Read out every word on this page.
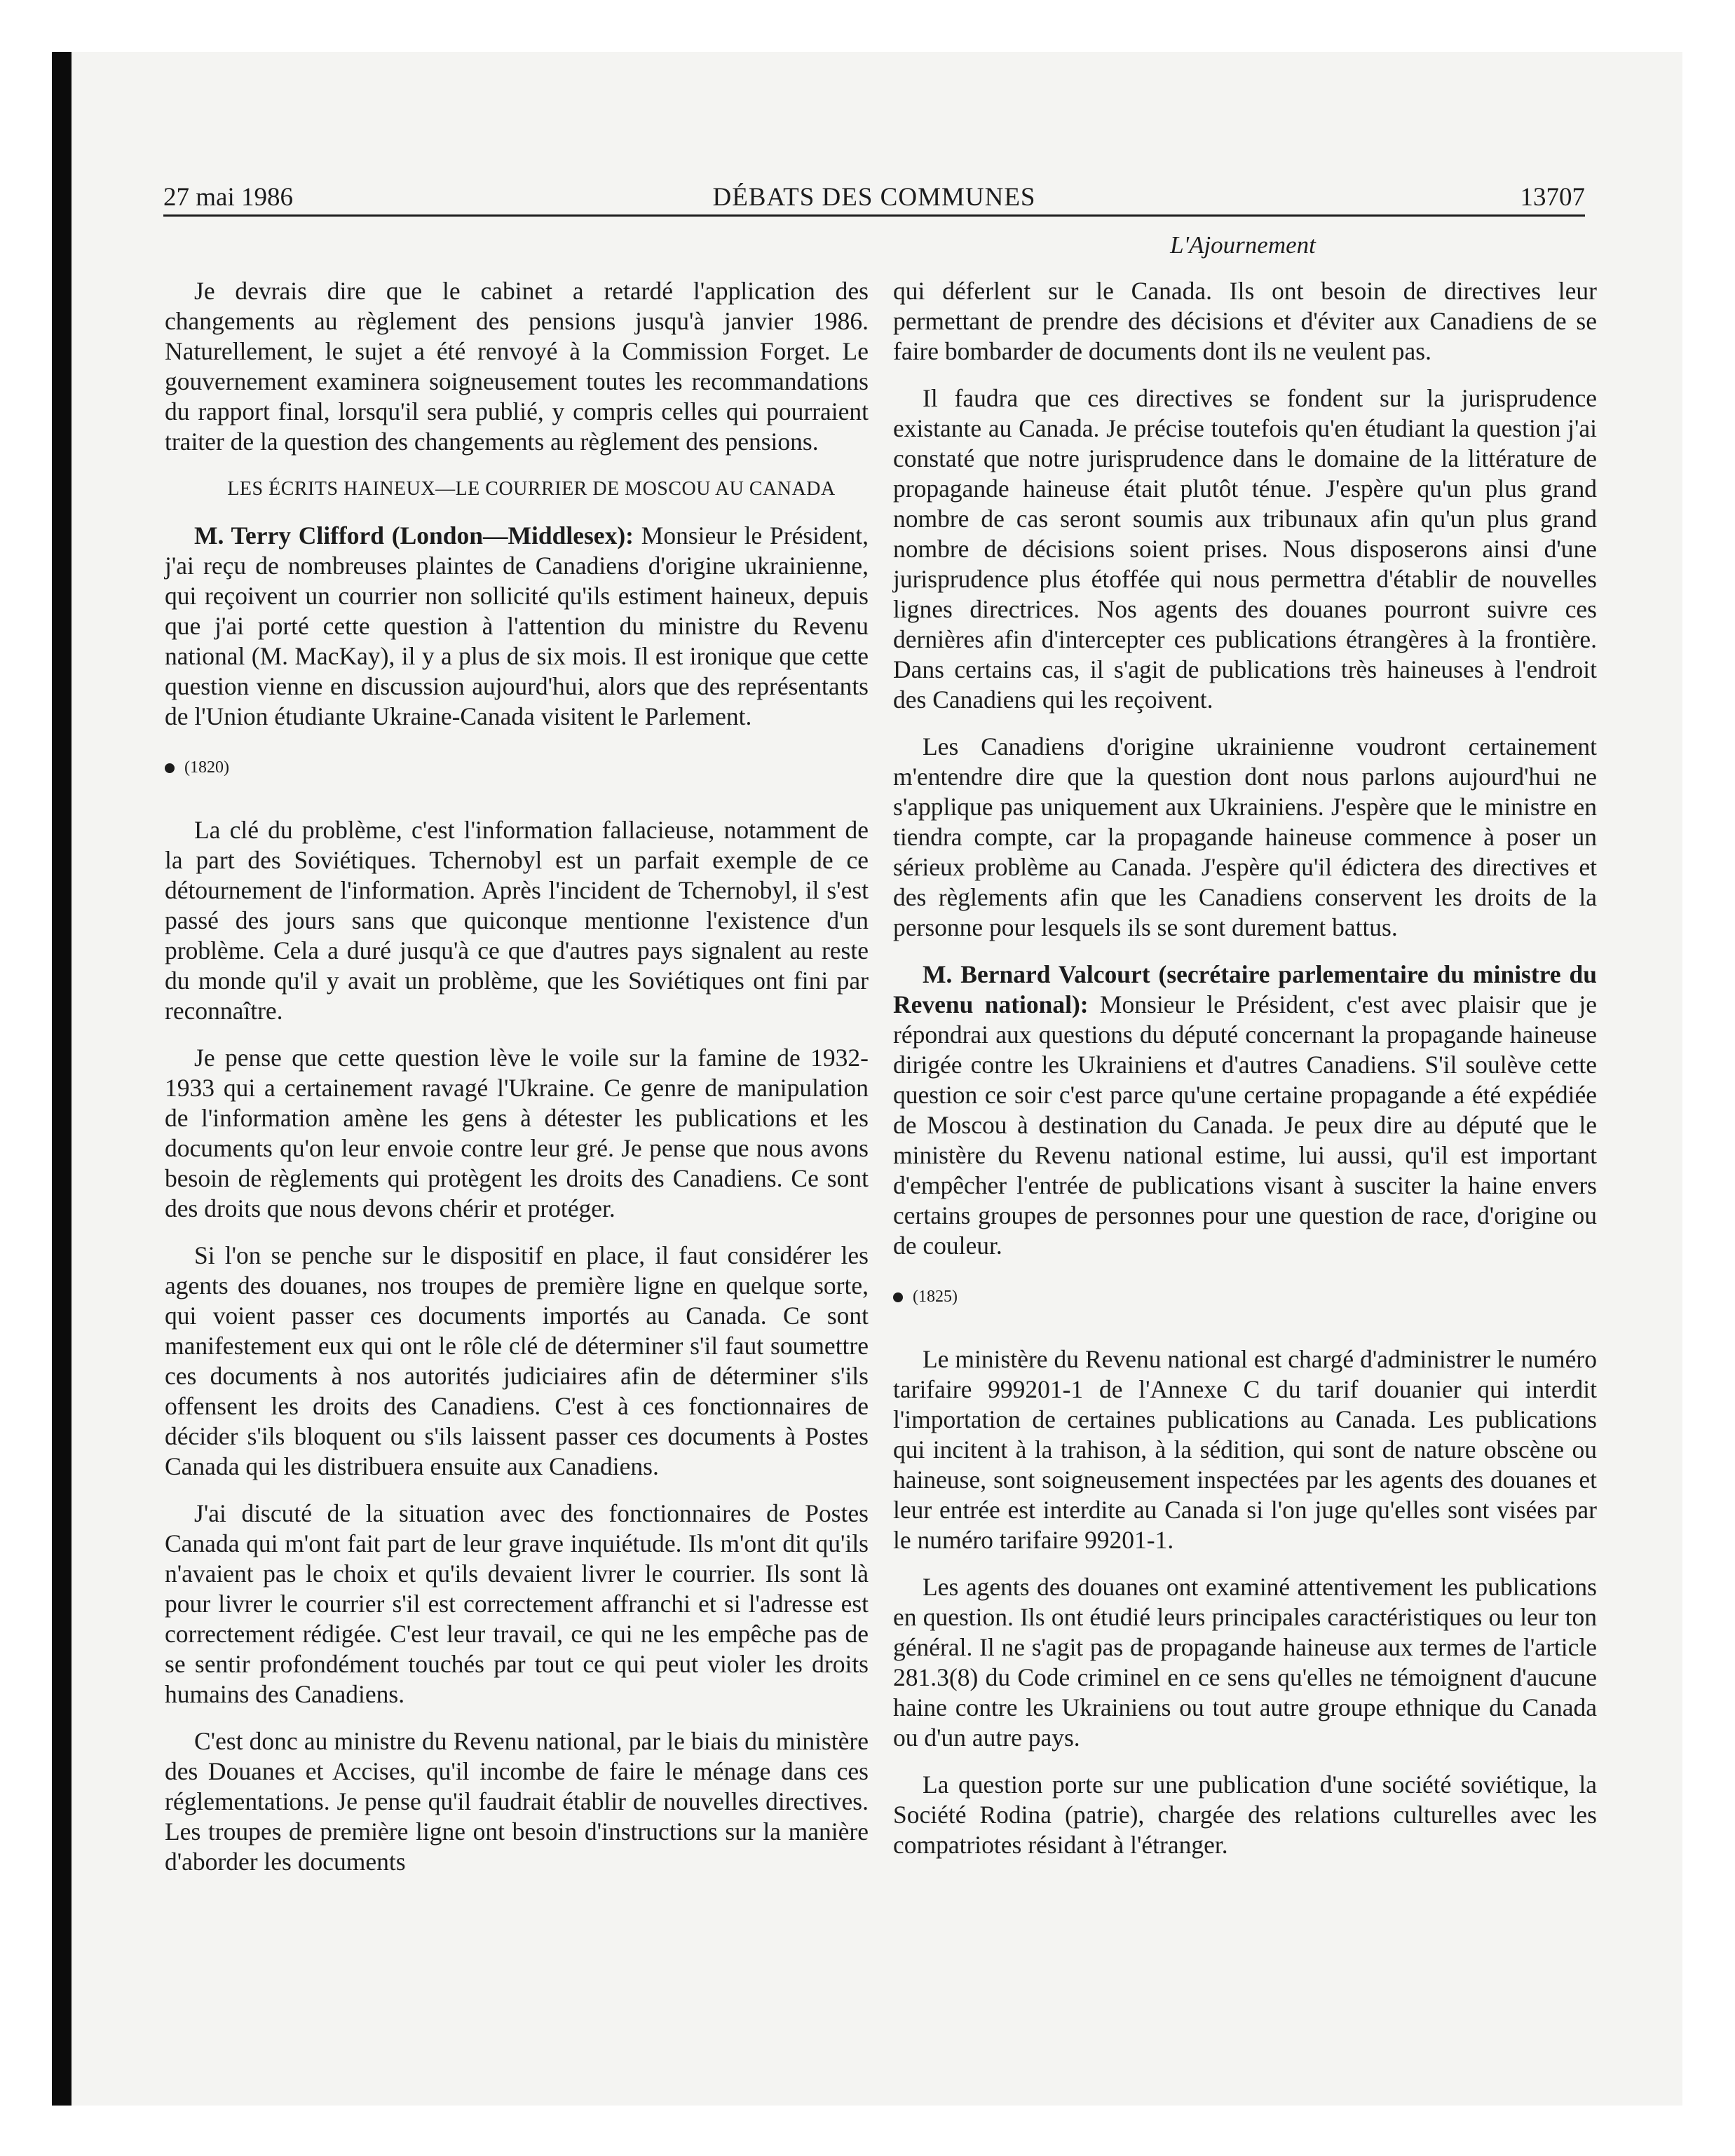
27 mai 1986	DÉBATS DES COMMUNES	13707
L'Ajournement

Je devrais dire que le cabinet a retardé l'application des changements au règlement des pensions jusqu'à janvier 1986. Naturellement, le sujet a été renvoyé à la Commission Forget. Le gouvernement examinera soigneusement toutes les recommandations du rapport final, lorsqu'il sera publié, y compris celles qui pourraient traiter de la question des changements au règlement des pensions.

LES ÉCRITS HAINEUX—LE COURRIER DE MOSCOU AU CANADA

M. Terry Clifford (London—Middlesex): Monsieur le Président, j'ai reçu de nombreuses plaintes de Canadiens d'origine ukrainienne, qui reçoivent un courrier non sollicité qu'ils estiment haineux, depuis que j'ai porté cette question à l'attention du ministre du Revenu national (M. MacKay), il y a plus de six mois. Il est ironique que cette question vienne en discussion aujourd'hui, alors que des représentants de l'Union étudiante Ukraine-Canada visitent le Parlement.

(1820)

La clé du problème, c'est l'information fallacieuse, notamment de la part des Soviétiques. Tchernobyl est un parfait exemple de ce détournement de l'information. Après l'incident de Tchernobyl, il s'est passé des jours sans que quiconque mentionne l'existence d'un problème. Cela a duré jusqu'à ce que d'autres pays signalent au reste du monde qu'il y avait un problème, que les Soviétiques ont fini par reconnaître.

Je pense que cette question lève le voile sur la famine de 1932-1933 qui a certainement ravagé l'Ukraine. Ce genre de manipulation de l'information amène les gens à détester les publications et les documents qu'on leur envoie contre leur gré. Je pense que nous avons besoin de règlements qui protègent les droits des Canadiens. Ce sont des droits que nous devons chérir et protéger.

Si l'on se penche sur le dispositif en place, il faut considérer les agents des douanes, nos troupes de première ligne en quelque sorte, qui voient passer ces documents importés au Canada. Ce sont manifestement eux qui ont le rôle clé de déterminer s'il faut soumettre ces documents à nos autorités judiciaires afin de déterminer s'ils offensent les droits des Canadiens. C'est à ces fonctionnaires de décider s'ils bloquent ou s'ils laissent passer ces documents à Postes Canada qui les distribuera ensuite aux Canadiens.

J'ai discuté de la situation avec des fonctionnaires de Postes Canada qui m'ont fait part de leur grave inquiétude. Ils m'ont dit qu'ils n'avaient pas le choix et qu'ils devaient livrer le courrier. Ils sont là pour livrer le courrier s'il est correctement affranchi et si l'adresse est correctement rédigée. C'est leur travail, ce qui ne les empêche pas de se sentir profondément touchés par tout ce qui peut violer les droits humains des Canadiens.

C'est donc au ministre du Revenu national, par le biais du ministère des Douanes et Accises, qu'il incombe de faire le ménage dans ces réglementations. Je pense qu'il faudrait établir de nouvelles directives. Les troupes de première ligne ont besoin d'instructions sur la manière d'aborder les documents

qui déferlent sur le Canada. Ils ont besoin de directives leur permettant de prendre des décisions et d'éviter aux Canadiens de se faire bombarder de documents dont ils ne veulent pas.

Il faudra que ces directives se fondent sur la jurisprudence existante au Canada. Je précise toutefois qu'en étudiant la question j'ai constaté que notre jurisprudence dans le domaine de la littérature de propagande haineuse était plutôt ténue. J'espère qu'un plus grand nombre de cas seront soumis aux tribunaux afin qu'un plus grand nombre de décisions soient prises. Nous disposerons ainsi d'une jurisprudence plus étoffée qui nous permettra d'établir de nouvelles lignes directrices. Nos agents des douanes pourront suivre ces dernières afin d'intercepter ces publications étrangères à la frontière. Dans certains cas, il s'agit de publications très haineuses à l'endroit des Canadiens qui les reçoivent.

Les Canadiens d'origine ukrainienne voudront certainement m'entendre dire que la question dont nous parlons aujourd'hui ne s'applique pas uniquement aux Ukrainiens. J'espère que le ministre en tiendra compte, car la propagande haineuse commence à poser un sérieux problème au Canada. J'espère qu'il édictera des directives et des règlements afin que les Canadiens conservent les droits de la personne pour lesquels ils se sont durement battus.

M. Bernard Valcourt (secrétaire parlementaire du ministre du Revenu national): Monsieur le Président, c'est avec plaisir que je répondrai aux questions du député concernant la propagande haineuse dirigée contre les Ukrainiens et d'autres Canadiens. S'il soulève cette question ce soir c'est parce qu'une certaine propagande a été expédiée de Moscou à destination du Canada. Je peux dire au député que le ministère du Revenu national estime, lui aussi, qu'il est important d'empêcher l'entrée de publications visant à susciter la haine envers certains groupes de personnes pour une question de race, d'origine ou de couleur.

(1825)

Le ministère du Revenu national est chargé d'administrer le numéro tarifaire 999201-1 de l'Annexe C du tarif douanier qui interdit l'importation de certaines publications au Canada. Les publications qui incitent à la trahison, à la sédition, qui sont de nature obscène ou haineuse, sont soigneusement inspectées par les agents des douanes et leur entrée est interdite au Canada si l'on juge qu'elles sont visées par le numéro tarifaire 99201-1.

Les agents des douanes ont examiné attentivement les publications en question. Ils ont étudié leurs principales caractéristiques ou leur ton général. Il ne s'agit pas de propagande haineuse aux termes de l'article 281.3(8) du Code criminel en ce sens qu'elles ne témoignent d'aucune haine contre les Ukrainiens ou tout autre groupe ethnique du Canada ou d'un autre pays.

La question porte sur une publication d'une société soviétique, la Société Rodina (patrie), chargée des relations culturelles avec les compatriotes résidant à l'étranger.
